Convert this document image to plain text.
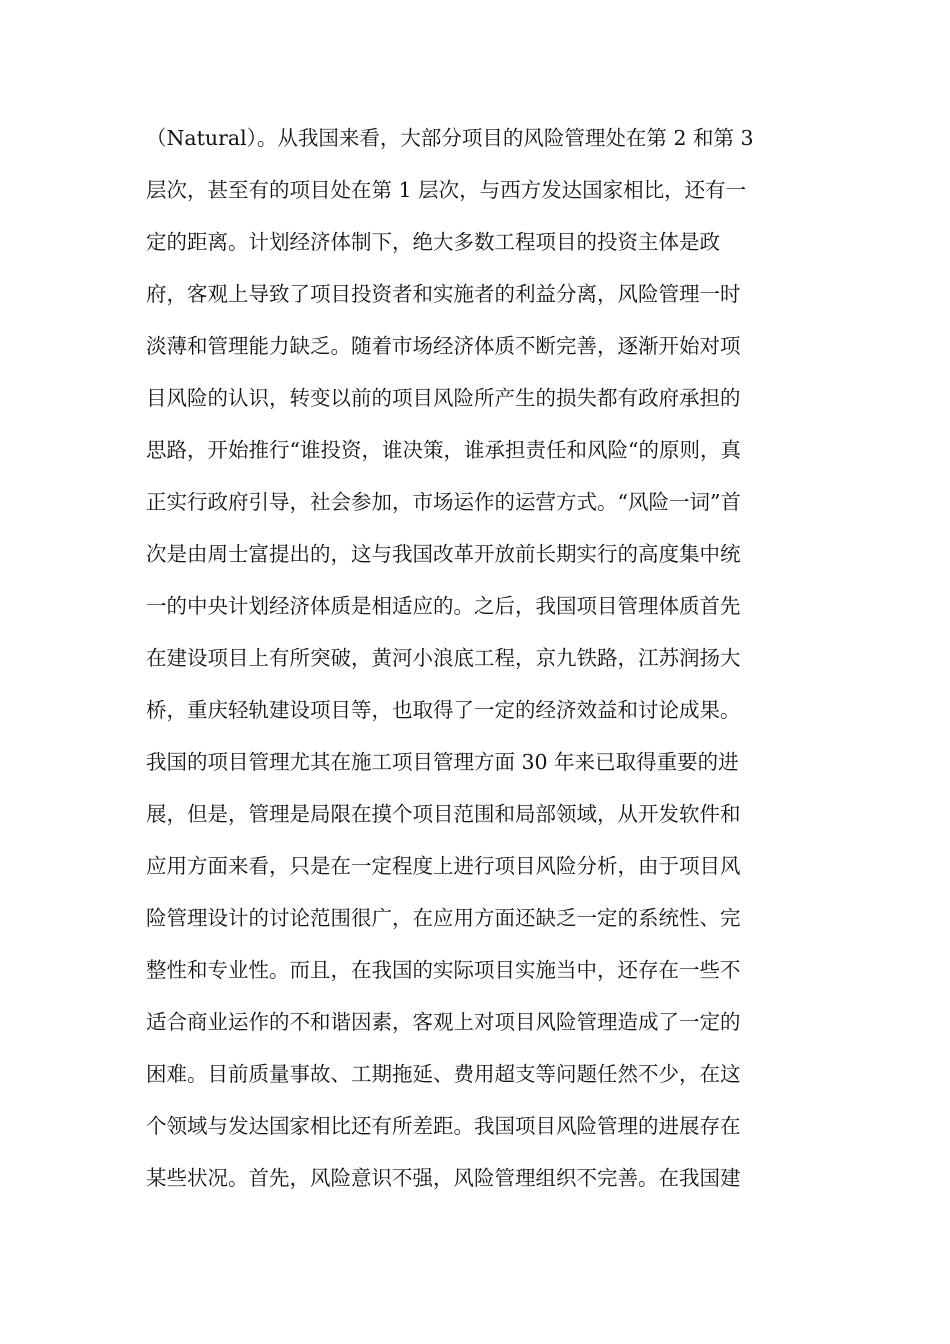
（Natural）。从我国来看，大部分项目的风险管理处在第 2 和第 3
层次，甚至有的项目处在第 1 层次，与西方发达国家相比，还有一
定的距离。计划经济体制下，绝大多数工程项目的投资主体是政
府，客观上导致了项目投资者和实施者的利益分离，风险管理一时
淡薄和管理能力缺乏。随着市场经济体质不断完善，逐渐开始对项
目风险的认识，转变以前的项目风险所产生的损失都有政府承担的
思路，开始推行“谁投资，谁决策，谁承担责任和风险“的原则，真
正实行政府引导，社会参加，市场运作的运营方式。“风险一词”首
次是由周士富提出的，这与我国改革开放前长期实行的高度集中统
一的中央计划经济体质是相适应的。之后，我国项目管理体质首先
在建设项目上有所突破，黄河小浪底工程，京九铁路，江苏润扬大
桥，重庆轻轨建设项目等，也取得了一定的经济效益和讨论成果。
我国的项目管理尤其在施工项目管理方面 30 年来已取得重要的进
展，但是，管理是局限在摸个项目范围和局部领域，从开发软件和
应用方面来看，只是在一定程度上进行项目风险分析，由于项目风
险管理设计的讨论范围很广，在应用方面还缺乏一定的系统性、完
整性和专业性。而且，在我国的实际项目实施当中，还存在一些不
适合商业运作的不和谐因素，客观上对项目风险管理造成了一定的
困难。目前质量事故、工期拖延、费用超支等问题任然不少，在这
个领域与发达国家相比还有所差距。我国项目风险管理的进展存在
某些状况。首先，风险意识不强，风险管理组织不完善。在我国建
